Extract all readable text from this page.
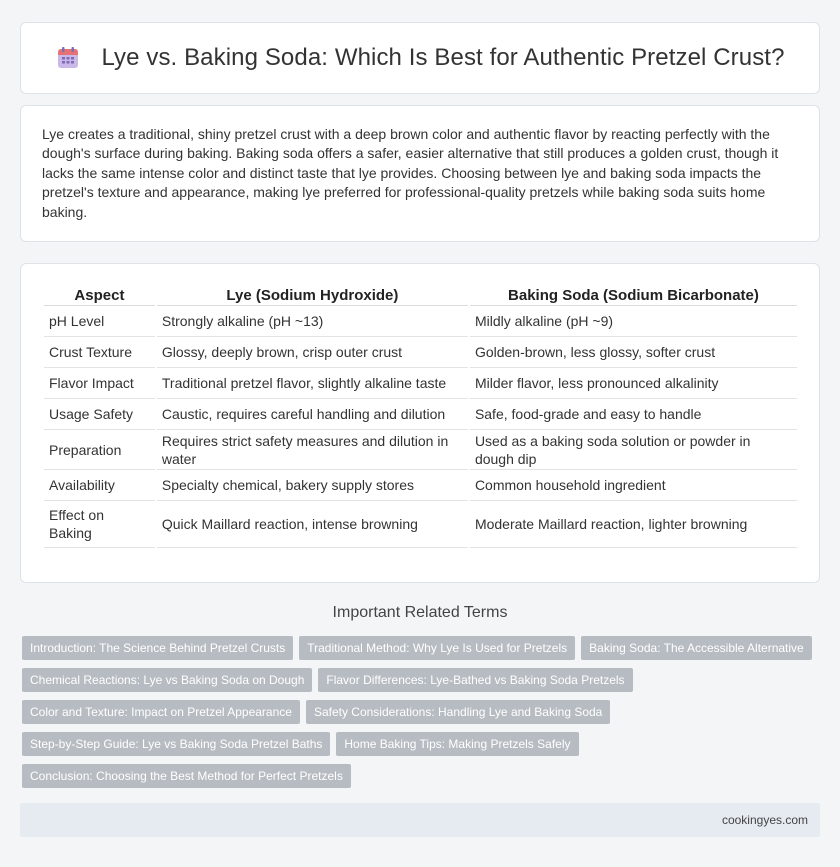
Lye vs. Baking Soda: Which Is Best for Authentic Pretzel Crust?

Lye creates a traditional, shiny pretzel crust with a deep brown color and authentic flavor by reacting perfectly with the dough's surface during baking. Baking soda offers a safer, easier alternative that still produces a golden crust, though it lacks the same intense color and distinct taste that lye provides. Choosing between lye and baking soda impacts the pretzel's texture and appearance, making lye preferred for professional-quality pretzels while baking soda suits home baking.

Aspect	Lye (Sodium Hydroxide)	Baking Soda (Sodium Bicarbonate)
pH Level	Strongly alkaline (pH ~13)	Mildly alkaline (pH ~9)
Crust Texture	Glossy, deeply brown, crisp outer crust	Golden-brown, less glossy, softer crust
Flavor Impact	Traditional pretzel flavor, slightly alkaline taste	Milder flavor, less pronounced alkalinity
Usage Safety	Caustic, requires careful handling and dilution	Safe, food-grade and easy to handle
Preparation	Requires strict safety measures and dilution in water	Used as a baking soda solution or powder in dough dip
Availability	Specialty chemical, bakery supply stores	Common household ingredient
Effect on Baking	Quick Maillard reaction, intense browning	Moderate Maillard reaction, lighter browning
Important Related Terms
Introduction: The Science Behind Pretzel Crusts	Traditional Method: Why Lye Is Used for Pretzels	Baking Soda: The Accessible Alternative
Chemical Reactions: Lye vs Baking Soda on Dough	Flavor Differences: Lye-Bathed vs Baking Soda Pretzels
Color and Texture: Impact on Pretzel Appearance	Safety Considerations: Handling Lye and Baking Soda
Step-by-Step Guide: Lye vs Baking Soda Pretzel Baths	Home Baking Tips: Making Pretzels Safely
Conclusion: Choosing the Best Method for Perfect Pretzels
cookingyes.com
